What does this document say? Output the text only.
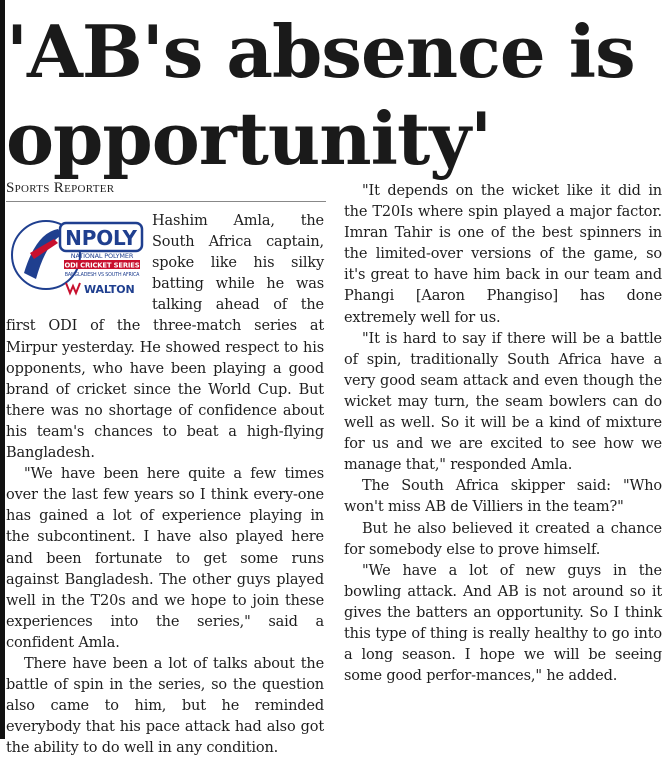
'AB's absence is opportunity'
Sports Reporter
NPOLY
NATIONAL POLYMER
ODI CRICKET SERIES
BANGLADESH VS SOUTH AFRICA
WALTON

Hashim Amla, the South Africa captain, spoke like his silky batting while he was talking ahead of the first ODI of the three-match series at Mirpur yesterday. He showed respect to his opponents, who have been playing a good brand of cricket since the World Cup. But there was no shortage of confidence about his team's chances to beat a high-flying Bangladesh.

"We have been here quite a few times over the last few years so I think every-one has gained a lot of experience playing in the subcontinent. I have also played here and been fortunate to get some runs against Bangladesh. The other guys played well in the T20s and we hope to join these experiences into the series," said a confident Amla.

There have been a lot of talks about the battle of spin in the series, so the question also came to him, but he reminded everybody that his pace attack had also got the ability to do well in any condition.

"It depends on the wicket like it did in the T20Is where spin played a major factor. Imran Tahir is one of the best spinners in the limited-over versions of the game, so it's great to have him back in our team and Phangi [Aaron Phangiso] has done extremely well for us.

"It is hard to say if there will be a battle of spin, traditionally South Africa have a very good seam attack and even though the wicket may turn, the seam bowlers can do well as well. So it will be a kind of mixture for us and we are excited to see how we manage that," responded Amla.

The South Africa skipper said: "Who won't miss AB de Villiers in the team?"

But he also believed it created a chance for somebody else to prove himself.

"We have a lot of new guys in the bowling attack. And AB is not around so it gives the batters an opportunity. So I think this type of thing is really healthy to go into a long season. I hope we will be seeing some good perfor-mances," he added.
